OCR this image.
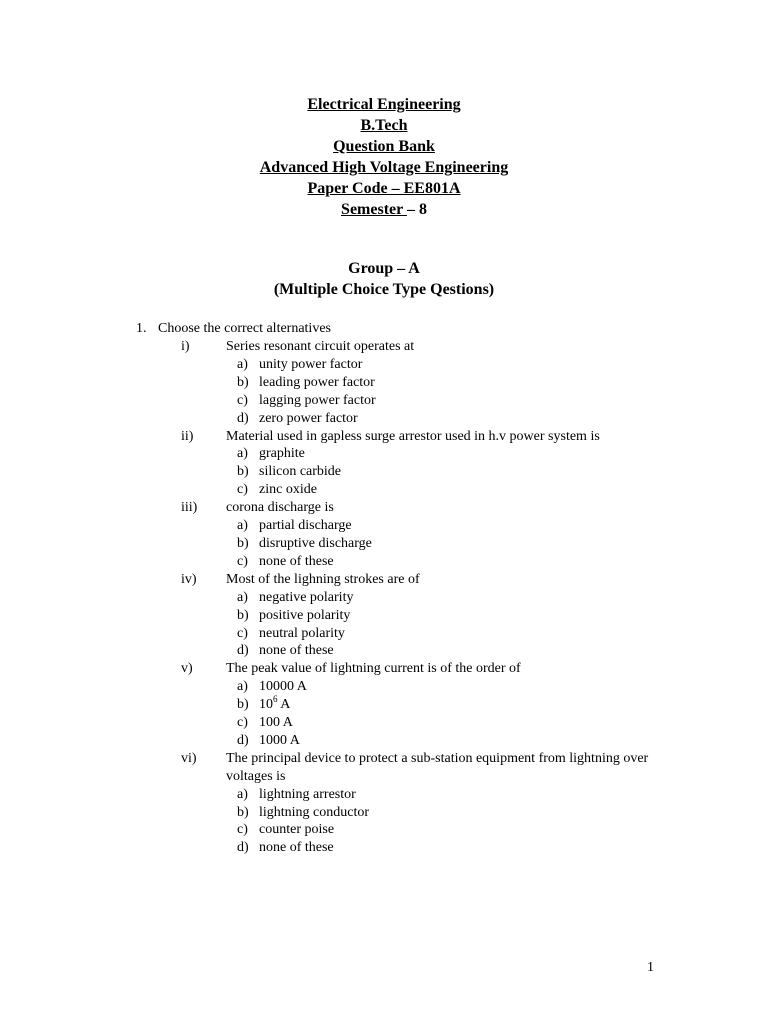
Electrical Engineering
B.Tech
Question Bank
Advanced High Voltage Engineering
Paper Code – EE801A
Semester – 8
Group – A
(Multiple Choice Type Qestions)
1. Choose the correct alternatives
i)	Series resonant circuit operates at
a) unity power factor
b) leading power factor
c) lagging power factor
d) zero power factor
ii)	Material used in gapless surge arrestor used in h.v power system is
a) graphite
b) silicon carbide
c) zinc oxide
iii)	corona discharge is
a) partial discharge
b) disruptive discharge
c) none of these
iv)	Most of the lighning strokes are of
a) negative polarity
b) positive polarity
c) neutral polarity
d) none of these
v)	The peak value of lightning current is of the order of
a) 10000 A
b) $10^6$ A
c) 100 A
d) 1000 A
vi)	The principal device to protect a sub-station equipment from lightning over voltages is
a) lightning arrestor
b) lightning conductor
c) counter poise
d) none of these
1
